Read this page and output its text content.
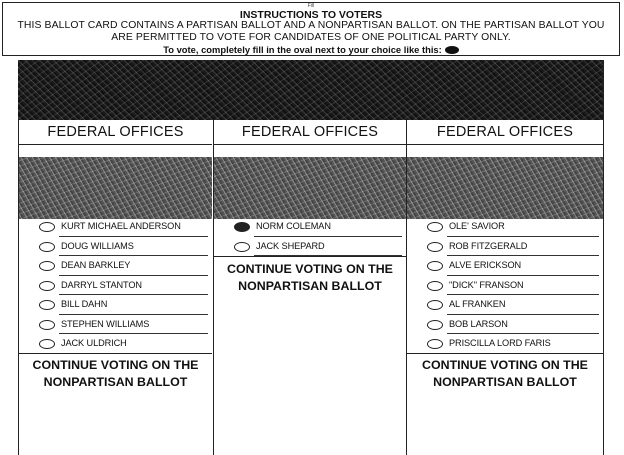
Fill
INSTRUCTIONS TO VOTERS
THIS BALLOT CARD CONTAINS A PARTISAN BALLOT AND A NONPARTISAN BALLOT. ON THE PARTISAN BALLOT YOU ARE PERMITTED TO VOTE FOR CANDIDATES OF ONE POLITICAL PARTY ONLY.
To vote, completely fill in the oval next to your choice like this:
FEDERAL OFFICES
KURT MICHAEL ANDERSON
DOUG WILLIAMS
DEAN BARKLEY
DARRYL STANTON
BILL DAHN
STEPHEN WILLIAMS
JACK ULDRICH
CONTINUE VOTING ON THE NONPARTISAN BALLOT
FEDERAL OFFICES
NORM COLEMAN
JACK SHEPARD
CONTINUE VOTING ON THE NONPARTISAN BALLOT
FEDERAL OFFICES
OLE' SAVIOR
ROB FITZGERALD
ALVE ERICKSON
"DICK" FRANSON
AL FRANKEN
BOB LARSON
PRISCILLA LORD FARIS
CONTINUE VOTING ON THE NONPARTISAN BALLOT
